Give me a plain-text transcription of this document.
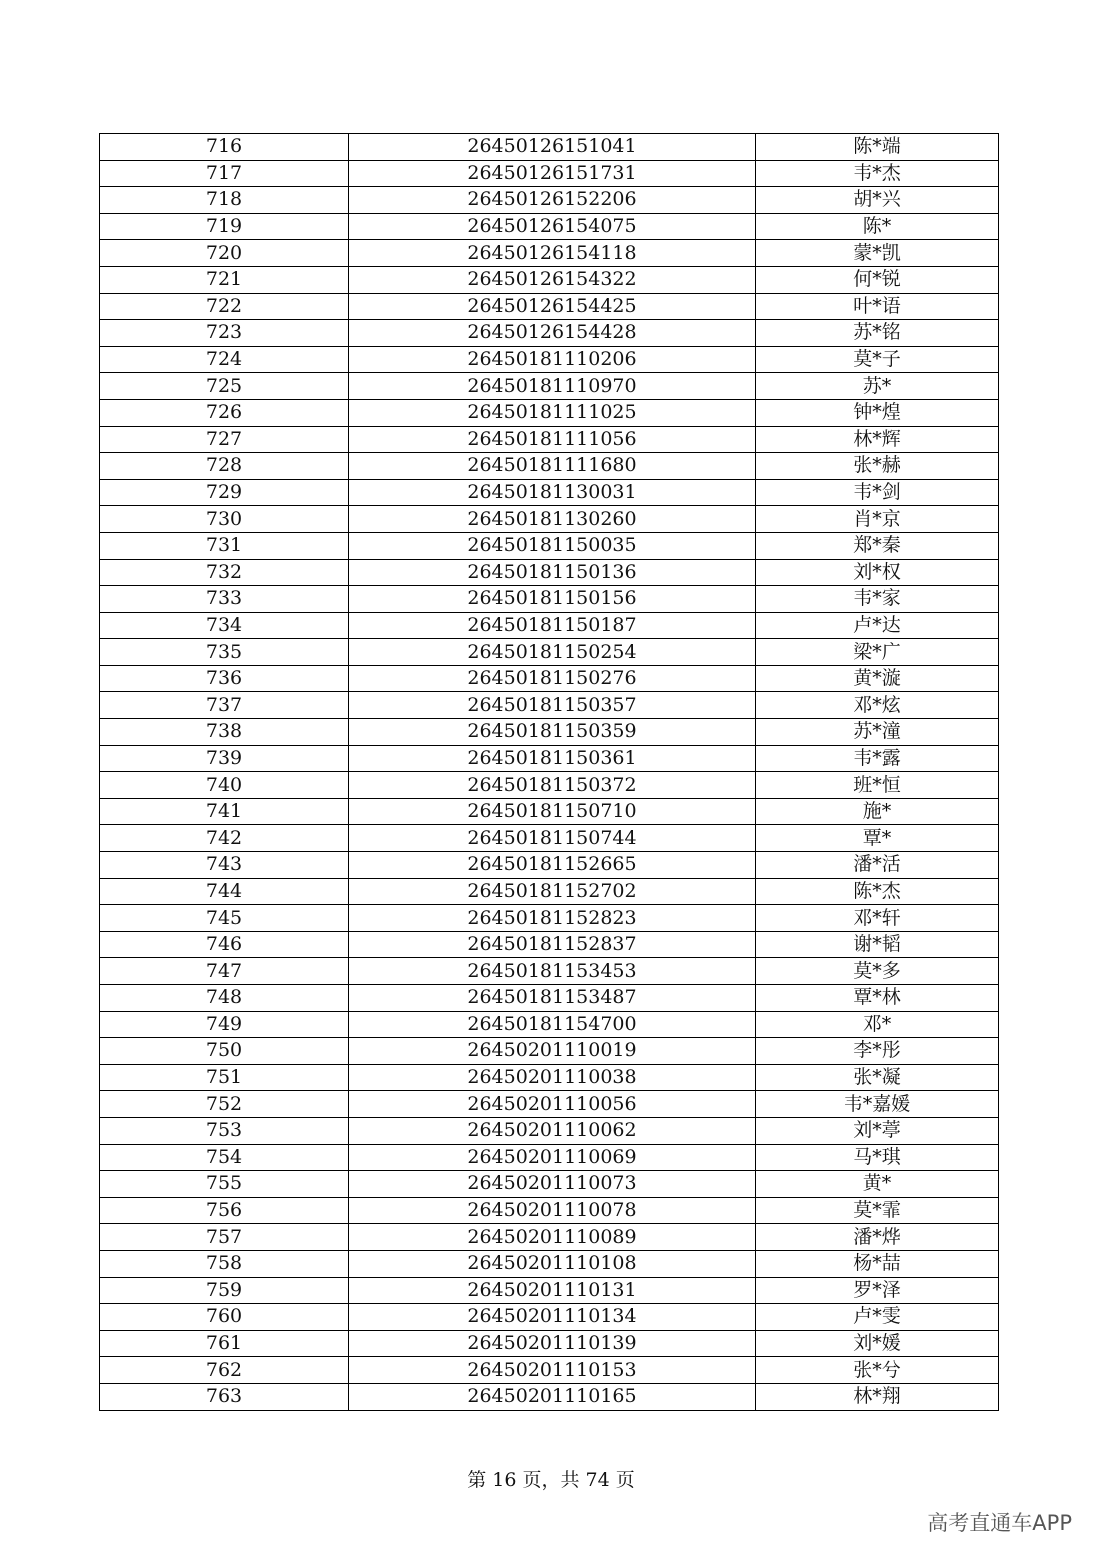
716	26450126151041	陈*端
717	26450126151731	韦*杰
718	26450126152206	胡*兴
719	26450126154075	陈*
720	26450126154118	蒙*凯
721	26450126154322	何*锐
722	26450126154425	叶*语
723	26450126154428	苏*铭
724	26450181110206	莫*子
725	26450181110970	苏*
726	26450181111025	钟*煌
727	26450181111056	林*辉
728	26450181111680	张*赫
729	26450181130031	韦*剑
730	26450181130260	肖*京
731	26450181150035	郑*秦
732	26450181150136	刘*权
733	26450181150156	韦*家
734	26450181150187	卢*达
735	26450181150254	梁*广
736	26450181150276	黄*漩
737	26450181150357	邓*炫
738	26450181150359	苏*潼
739	26450181150361	韦*露
740	26450181150372	班*恒
741	26450181150710	施*
742	26450181150744	覃*
743	26450181152665	潘*活
744	26450181152702	陈*杰
745	26450181152823	邓*轩
746	26450181152837	谢*韬
747	26450181153453	莫*多
748	26450181153487	覃*林
749	26450181154700	邓*
750	26450201110019	李*彤
751	26450201110038	张*凝
752	26450201110056	韦*嘉媛
753	26450201110062	刘*葶
754	26450201110069	马*琪
755	26450201110073	黄*
756	26450201110078	莫*霏
757	26450201110089	潘*烨
758	26450201110108	杨*喆
759	26450201110131	罗*泽
760	26450201110134	卢*雯
761	26450201110139	刘*媛
762	26450201110153	张*兮
763	26450201110165	林*翔
第 16 页，共 74 页
高考直通车APP
